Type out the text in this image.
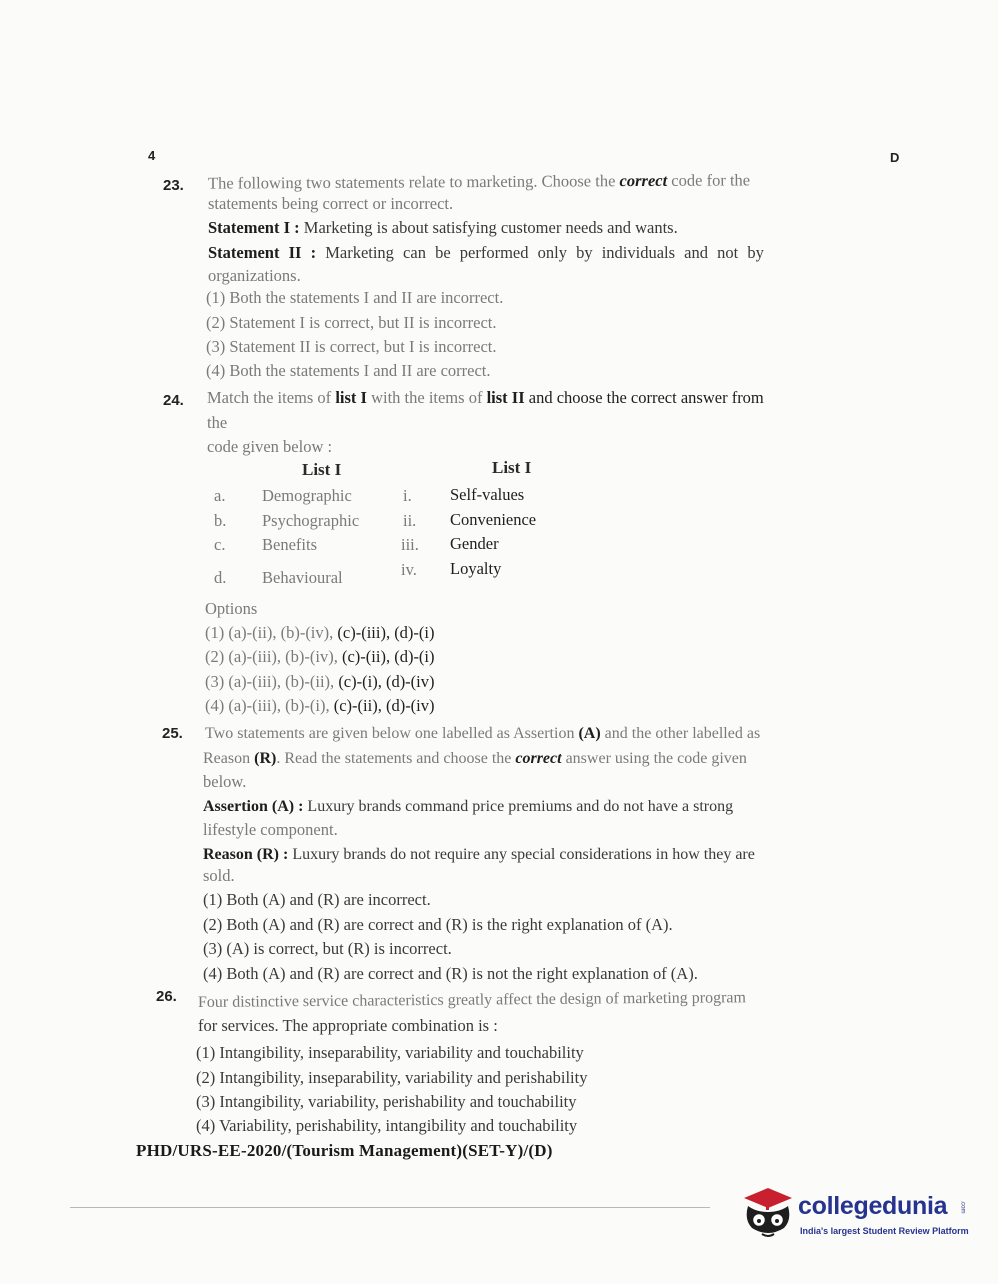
4	D
23. The following two statements relate to marketing. Choose the correct code for the
statements being correct or incorrect.
Statement I : Marketing is about satisfying customer needs and wants.
Statement II : Marketing can be performed only by individuals and not by
organizations.
(1) Both the statements I and II are incorrect.
(2) Statement I is correct, but II is incorrect.
(3) Statement II is correct, but I is incorrect.
(4) Both the statements I and II are correct.
24. Match the items of list I with the items of list II and choose the correct answer from
the
code given below :
List I	List I
a. Demographic	i. Self-values
b. Psychographic	ii. Convenience
c. Benefits	iii. Gender
d. Behavioural	iv. Loyalty
Options
(1) (a)-(ii), (b)-(iv), (c)-(iii), (d)-(i)
(2) (a)-(iii), (b)-(iv), (c)-(ii), (d)-(i)
(3) (a)-(iii), (b)-(ii), (c)-(i), (d)-(iv)
(4) (a)-(iii), (b)-(i), (c)-(ii), (d)-(iv)
25. Two statements are given below one labelled as Assertion (A) and the other labelled as
Reason (R). Read the statements and choose the correct answer using the code given
below.
Assertion (A) : Luxury brands command price premiums and do not have a strong
lifestyle component.
Reason (R) : Luxury brands do not require any special considerations in how they are
sold.
(1) Both (A) and (R) are incorrect.
(2) Both (A) and (R) are correct and (R) is the right explanation of (A).
(3) (A) is correct, but (R) is incorrect.
(4) Both (A) and (R) are correct and (R) is not the right explanation of (A).
26. Four distinctive service characteristics greatly affect the design of marketing program
for services. The appropriate combination is :
(1) Intangibility, inseparability, variability and touchability
(2) Intangibility, inseparability, variability and perishability
(3) Intangibility, variability, perishability and touchability
(4) Variability, perishability, intangibility and touchability
PHD/URS-EE-2020/(Tourism Management)(SET-Y)/(D)
collegedunia .com
India's largest Student Review Platform
